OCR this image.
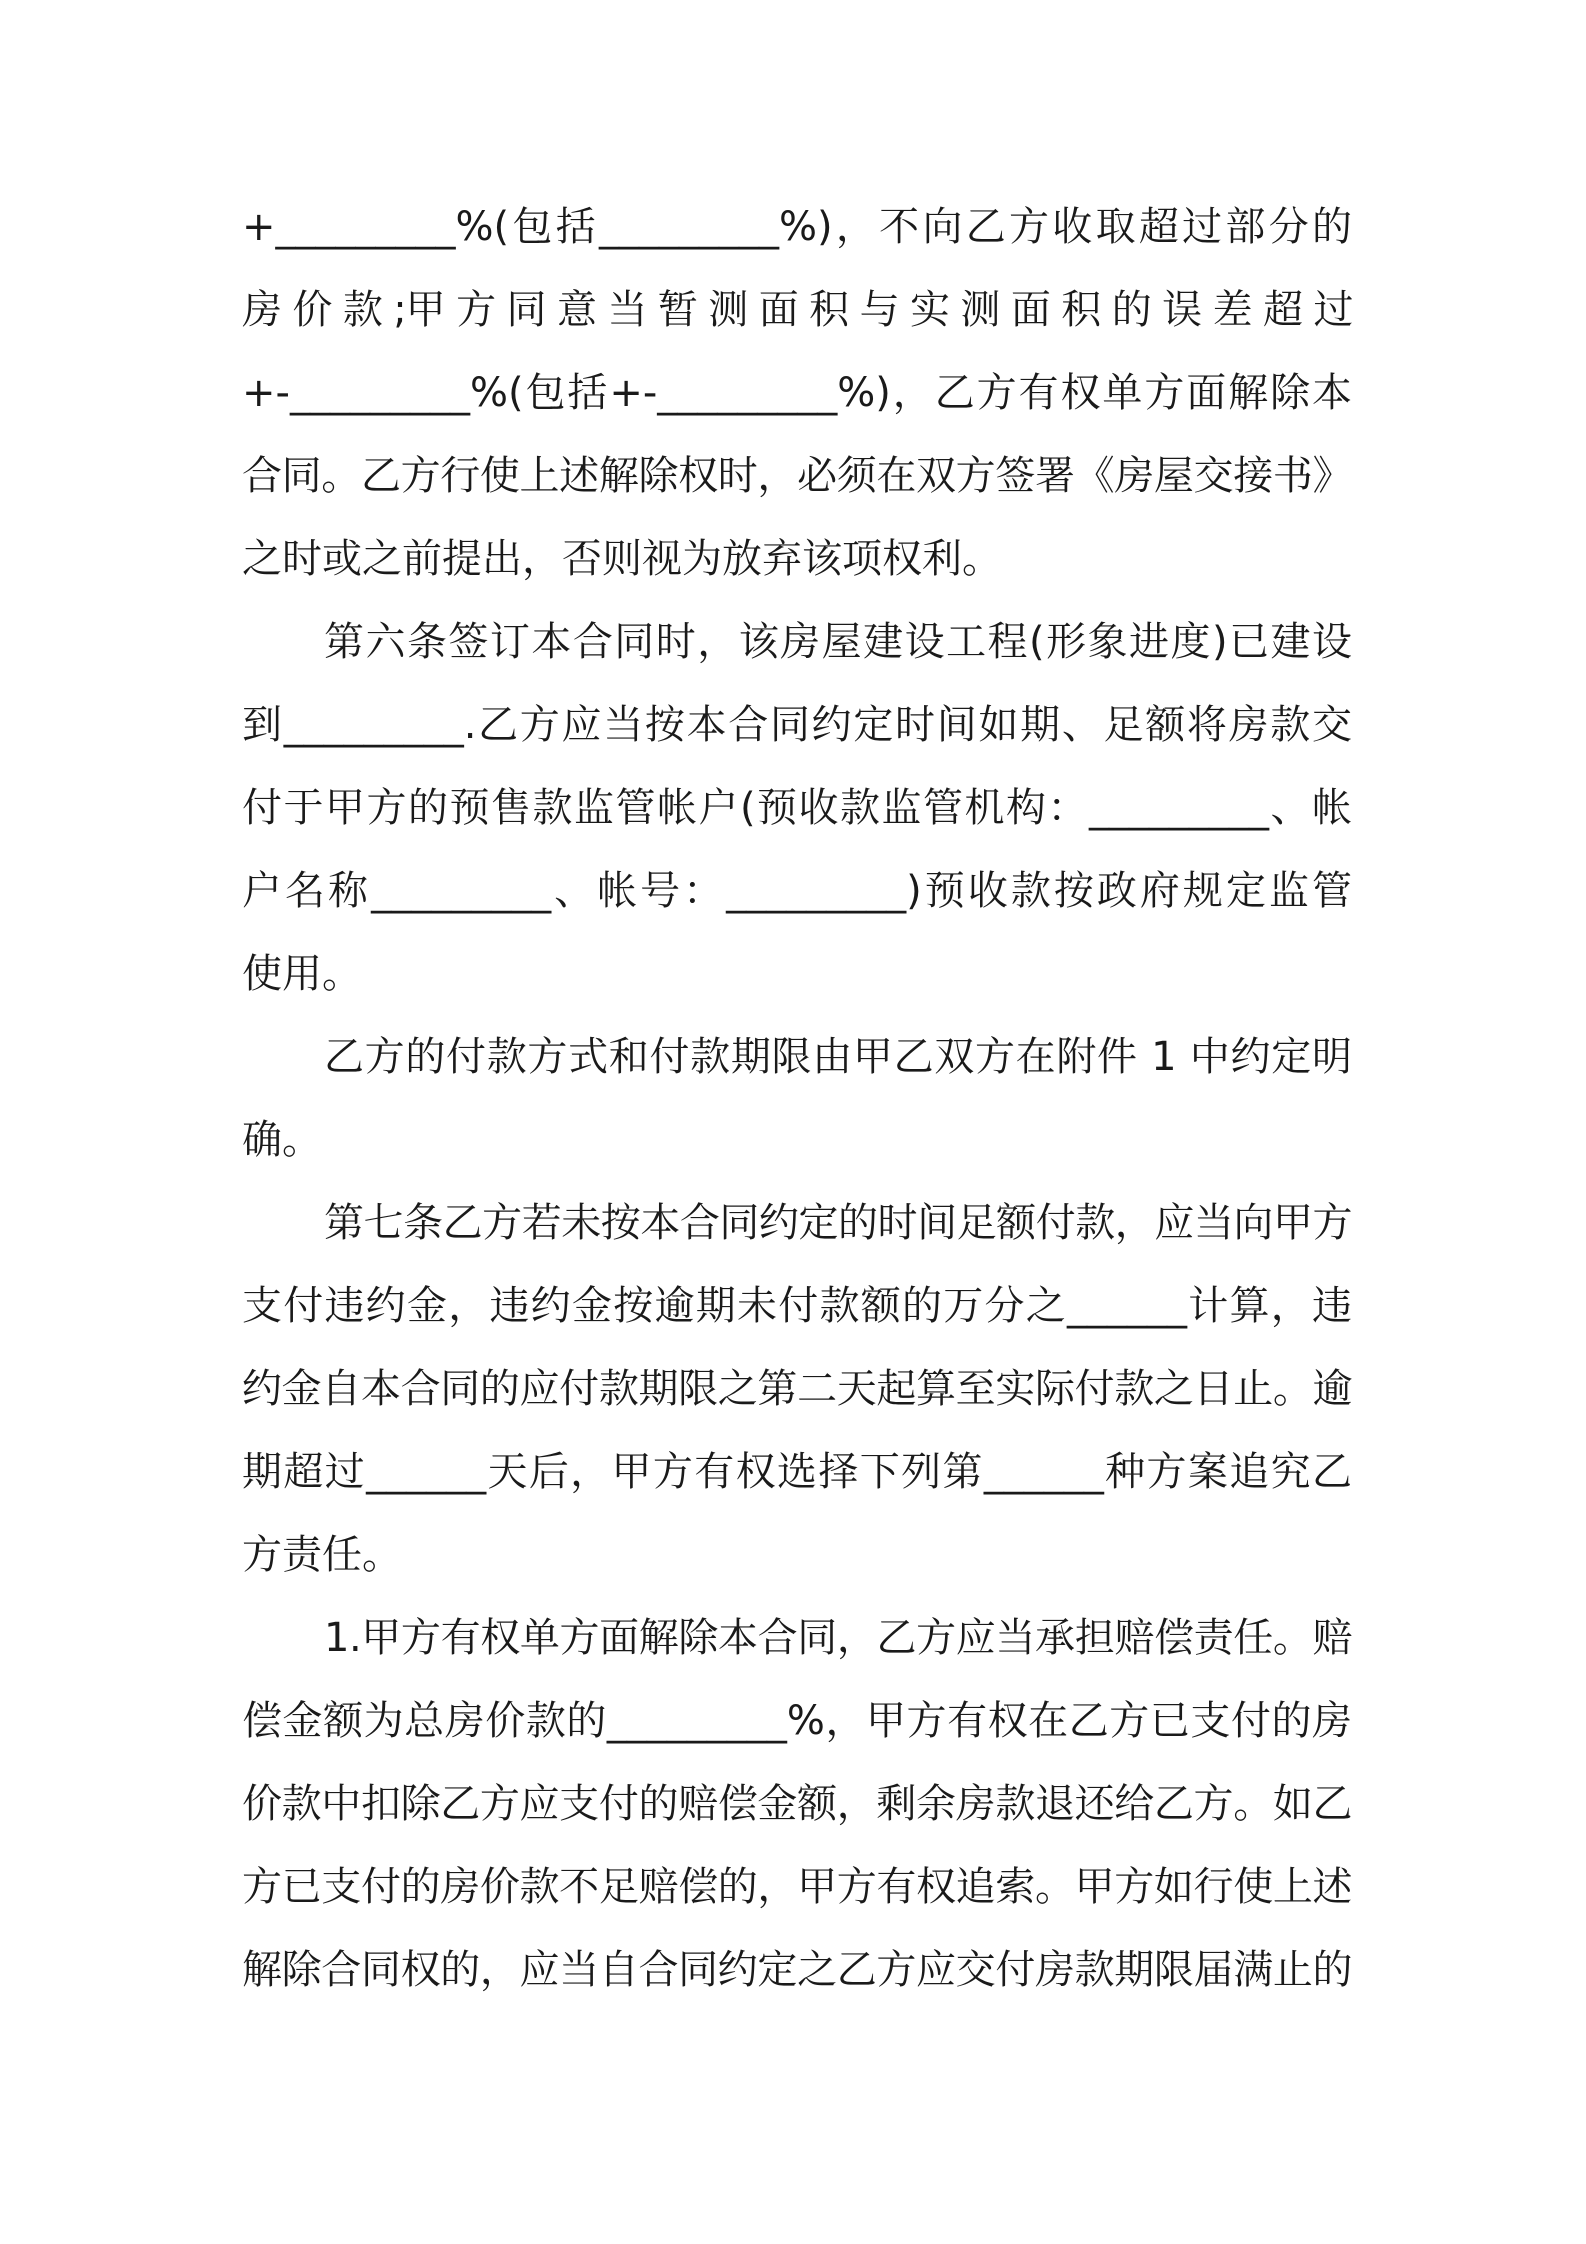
+_________%(包括_________%)，不向乙方收取超过部分的
房 价 款 ;甲 方 同 意 当 暂 测 面 积 与 实 测 面 积 的 误 差 超 过
+-_________%(包括+-_________%)，乙方有权单方面解除本
合同。乙方行使上述解除权时，必须在双方签署《房屋交接书》
之时或之前提出，否则视为放弃该项权利。

第六条签订本合同时，该房屋建设工程(形象进度)已建设
到_________.乙方应当按本合同约定时间如期、足额将房款交
付于甲方的预售款监管帐户(预收款监管机构：_________、帐
户名称_________、帐号：_________)预收款按政府规定监管
使用。

乙方的付款方式和付款期限由甲乙双方在附件 1 中约定明
确。

第七条乙方若未按本合同约定的时间足额付款，应当向甲方
支付违约金，违约金按逾期未付款额的万分之______计算，违
约金自本合同的应付款期限之第二天起算至实际付款之日止。逾
期超过______天后，甲方有权选择下列第______种方案追究乙
方责任。

1.甲方有权单方面解除本合同，乙方应当承担赔偿责任。赔
偿金额为总房价款的_________%，甲方有权在乙方已支付的房
价款中扣除乙方应支付的赔偿金额，剩余房款退还给乙方。如乙
方已支付的房价款不足赔偿的，甲方有权追索。甲方如行使上述
解除合同权的，应当自合同约定之乙方应交付房款期限届满止的
